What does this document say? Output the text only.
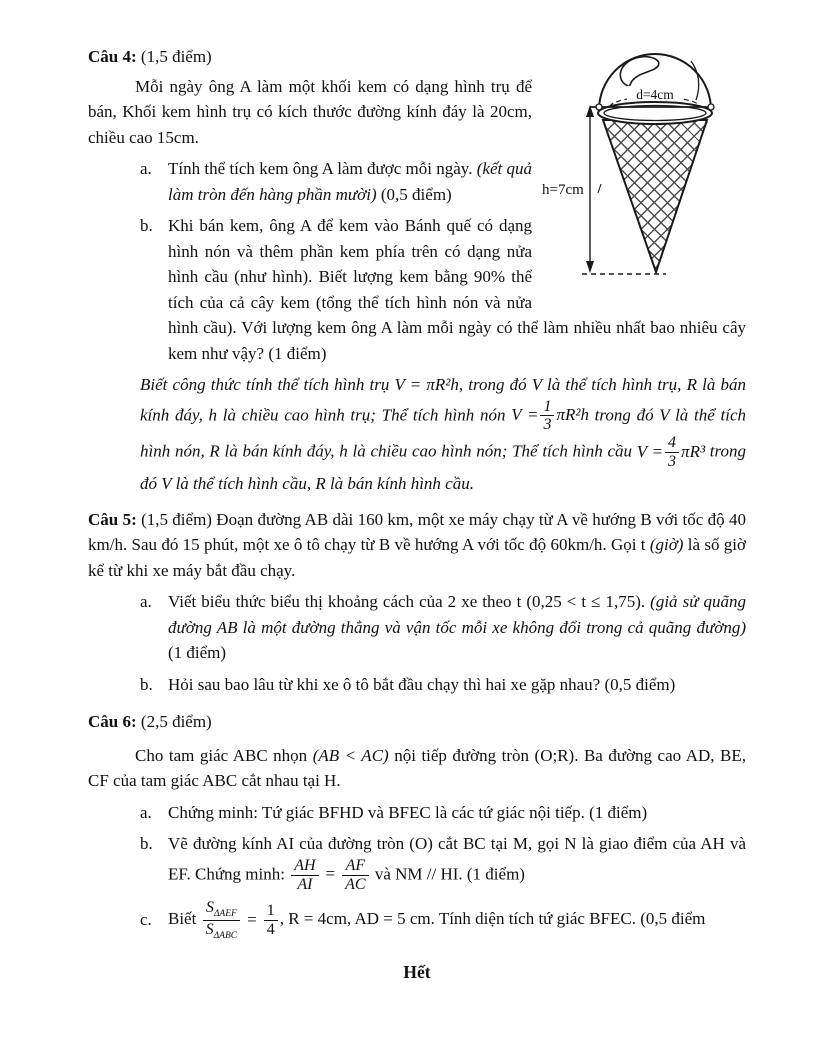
d=4cm
h=7cm

Câu 4: (1,5 điểm)

Mỗi ngày ông A làm một khối kem có dạng hình trụ để bán, Khối kem hình trụ có kích thước đường kính đáy là 20cm, chiều cao 15cm.

a. Tính thể tích kem ông A làm được mỗi ngày. (kết quả làm tròn đến hàng phần mười) (0,5 điểm)

b. Khi bán kem, ông A để kem vào Bánh quế có dạng hình nón và thêm phần kem phía trên có dạng nửa hình cầu (như hình). Biết lượng kem bằng 90% thể tích của cả cây kem (tổng thể tích hình nón và nửa hình cầu). Với lượng kem ông A làm mỗi ngày có thể làm nhiều nhất bao nhiêu cây kem như vậy? (1 điểm)

Biết công thức tính thể tích hình trụ V = πR²h, trong đó V là thể tích hình trụ, R là bán kính đáy, h là chiều cao hình trụ; Thể tích hình nón $V = \frac{1}{3} \pi R^2h$ trong đó V là thể tích hình nón, R là bán kính đáy, h là chiều cao hình nón; Thể tích hình cầu $V = \frac{4}{3} \pi R^3$ trong đó V là thể tích hình cầu, R là bán kính hình cầu.

Câu 5: (1,5 điểm) Đoạn đường AB dài 160 km, một xe máy chạy từ A về hướng B với tốc độ 40 km/h. Sau đó 15 phút, một xe ô tô chạy từ B về hướng A với tốc độ 60km/h. Gọi t (giờ) là số giờ kể từ khi xe máy bắt đầu chạy.

a. Viết biểu thức biểu thị khoảng cách của 2 xe theo t (0,25 < t ≤ 1,75). (giả sử quãng đường AB là một đường thẳng và vận tốc mỗi xe không đổi trong cả quãng đường) (1 điểm)

b. Hỏi sau bao lâu từ khi xe ô tô bắt đầu chạy thì hai xe gặp nhau? (0,5 điểm)

Câu 6: (2,5 điểm)

Cho tam giác ABC nhọn (AB < AC) nội tiếp đường tròn (O;R). Ba đường cao AD, BE, CF của tam giác ABC cắt nhau tại H.

a. Chứng minh: Tứ giác BFHD và BFEC là các tứ giác nội tiếp. (1 điểm)

b. Vẽ đường kính AI của đường tròn (O) cắt BC tại M, gọi N là giao điểm của AH và EF. Chứng minh: $\frac{AH}{AI} = \frac{AF}{AC}$ và NM // HI. (1 điểm)

c. Biết $\frac{S_{\Delta AEF}}{S_{\Delta ABC}} = \frac{1}{4}$ , R = 4cm, AD = 5 cm. Tính diện tích tứ giác BFEC. (0,5 điểm

Hết
